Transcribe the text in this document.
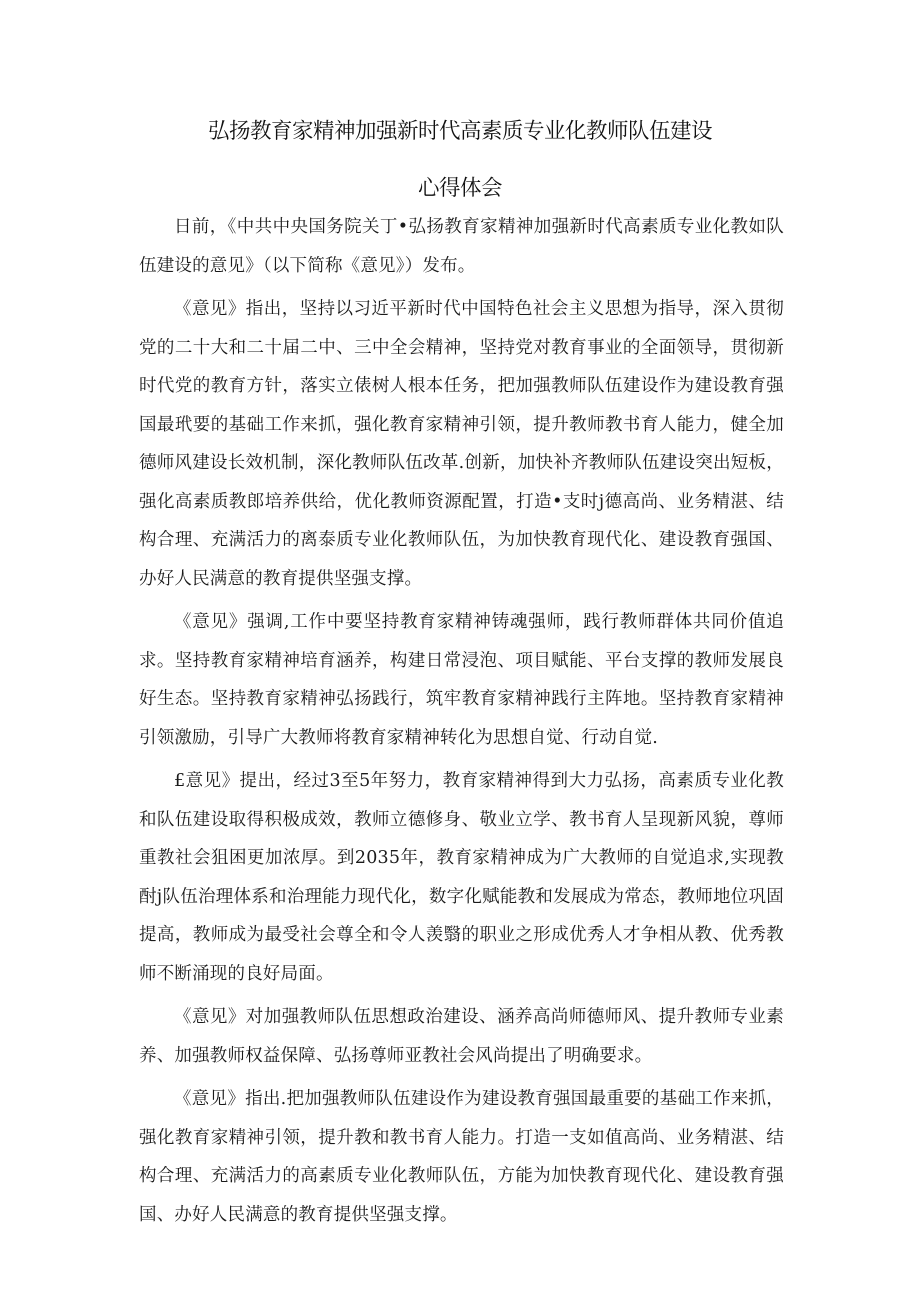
弘扬教育家精神加强新时代高素质专业化教师队伍建设
心得体会

日前，《中共中央国务院关丁•弘扬教育家精神加强新时代高素质专业化教如队伍建设的意见》（以下简称《意见》）发布。

《意见》指出，坚持以习近平新时代中国特色社会主义思想为指导，深入贯彻党的二十大和二十届二中、三中全会精神，坚持党对教育事业的全面领导，贯彻新时代党的教育方针，落实立俵树人根本任务，把加强教师队伍建设作为建设教育强国最玳要的基础工作来抓，强化教育家精神引领，提升教师教书育人能力，健全加德师风建设长效机制，深化教师队伍改革.创新，加快补齐教师队伍建设突出短板，强化高素质教郎培养供给，优化教师资源配置，打造•支时j德高尚、业务精湛、结构合理、充满活力的离泰质专业化教师队伍，为加快教育现代化、建设教育强国、办好人民满意的教育提供坚强支撑。

《意见》强调,工作中要坚持教育家精神铸魂强师，践行教师群体共同价值追求。坚持教育家精神培育涵养，构建日常浸泡、项目赋能、平台支撑的教师发展良好生态。坚持教育家精神弘扬践行，筑牢教育家精神践行主阵地。坚持教育家精神引领激励，引导广大教师将教育家精神转化为思想自觉、行动自觉.

£意见》提出，经过3至5年努力，教育家精神得到大力弘扬，高素质专业化教和队伍建设取得积极成效，教师立德修身、敬业立学、教书育人呈现新风貌，尊师重教社会狙困更加浓厚。到2035年，教育家精神成为广大教师的自觉追求,实现教酎j队伍治理体系和治理能力现代化，数字化赋能教和发展成为常态，教师地位巩固提高，教师成为最受社会尊全和令人羡翳的职业之形成优秀人才争相从教、优秀教师不断涌现的良好局面。

《意见》对加强教师队伍思想政治建设、涵养高尚师德师风、提升教师专业素养、加强教师权益保障、弘扬尊师亚教社会风尚提出了明确要求。

《意见》指出.把加强教师队伍建设作为建设教育强国最重要的基础工作来抓，强化教育家精神引领，提升教和教书育人能力。打造一支如值高尚、业务精湛、结构合理、充满活力的高素质专业化教师队伍，方能为加快教育现代化、建设教育强国、办好人民满意的教育提供坚强支撑。
